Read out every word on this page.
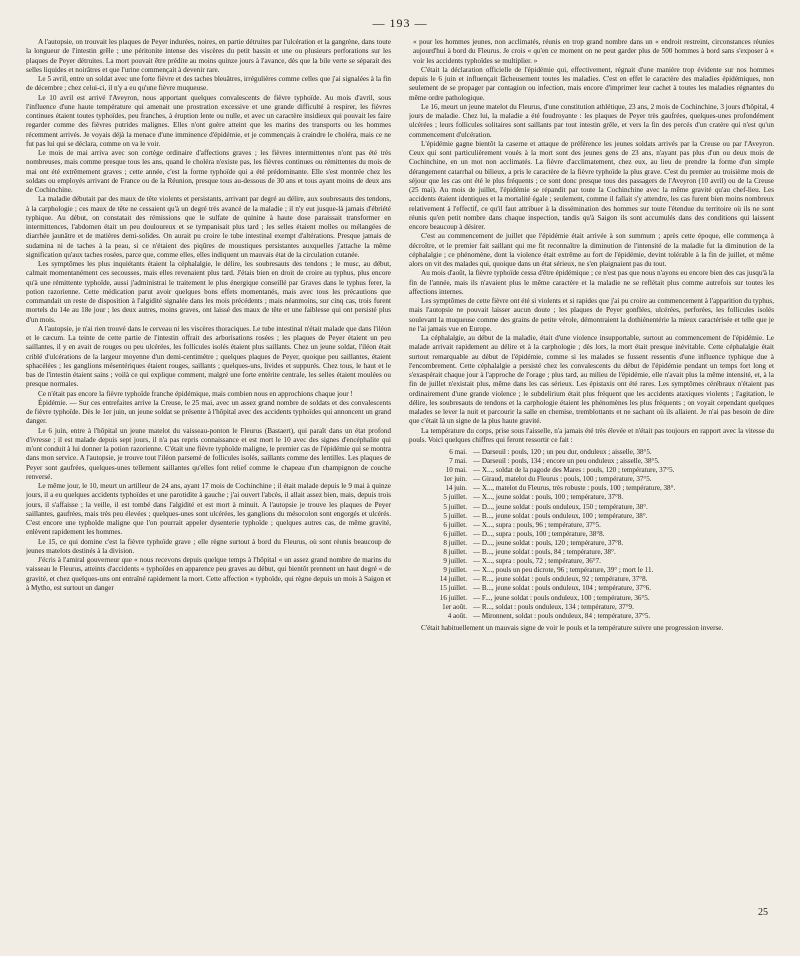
— 193 —

A l'autopsie, on trouvait les plaques de Peyer indurées, noires, en partie détruites par l'ulcération et la gangrène, dans toute la longueur de l'intestin grêle ; une péritonite intense des viscères du petit bassin et une ou plusieurs perforations sur les plaques de Peyer détruites. La mort pouvait être prédite au moins quinze jours à l'avance, dès que la bile verte se séparait des selles liquides et noirâtres et que l'urine commençait à devenir rare.

Le 5 avril, entre un soldat avec une forte fièvre et des taches bleuâtres, irrégulières comme celles que j'ai signalées à la fin de décembre ; chez celui-ci, il n'y a eu qu'une fièvre muqueuse.

Le 10 avril est arrivé l'Aveyron, nous apportant quelques convalescents de fièvre typhoïde. Au mois d'avril, sous l'influence d'une haute température qui amenait une prostration excessive et une grande difficulté à respirer, les fièvres continues étaient toutes typhoïdes, peu franches, à éruption lente ou nulle, et avec un caractère insidieux qui pouvait les faire regarder comme des fièvres putrides malignes. Elles n'ont guère atteint que les marins des transports ou les hommes récemment arrivés. Je voyais déjà la menace d'une imminence d'épidémie, et je commençais à craindre le choléra, mais ce ne fut pas lui qui se déclara, comme on va le voir.

Le mois de mai arriva avec son cortège ordinaire d'affections graves ; les fièvres intermittentes n'ont pas été très nombreuses, mais comme presque tous les ans, quand le choléra n'existe pas, les fièvres continues ou rémittentes du mois de mai ont été extrêmement graves ; cette année, c'est la forme typhoïde qui a été prédominante. Elle s'est montrée chez les soldats ou employés arrivant de France ou de la Réunion, presque tous au-dessous de 30 ans et tous ayant moins de deux ans de Cochinchine.

La maladie débutait par des maux de tête violents et persistants, arrivant par degré au délire, aux soubresauts des tendons, à la carphologie ; ces maux de tête ne cessaient qu'à un degré très avancé de la maladie ; il n'y eut jusque-là jamais d'ébriété typhique. Au début, on constatait des rémissions que le sulfate de quinine à haute dose paraissait transformer en intermittences, l'abdomen était un peu douloureux et se tympanisait plus tard ; les selles étaient molles ou mélangées de diarrhée jaunâtre et de matières demi-solides. On aurait pu croire le tube intestinal exempt d'altérations. Presque jamais de sudamina ni de taches à la peau, si ce n'étaient des piqûres de moustiques persistantes auxquelles j'attache la même signification qu'aux taches rosées, parce que, comme elles, elles indiquent un mauvais état de la circulation cutanée.

Les symptômes les plus inquiétants étaient la céphalalgie, le délire, les soubresauts des tendons ; le musc, au début, calmait momentanément ces secousses, mais elles revenaient plus tard. J'étais bien en droit de croire au typhus, plus encore qu'à une rémittente typhoïde, aussi j'administrai le traitement le plus énergique conseillé par Graves dans le typhus ferer, la potion razorienne. Cette médication parut avoir quelques bons effets momentanés, mais avec tous les précautions que commandait un reste de disposition à l'algidité signalée dans les mois précédents ; mais néanmoins, sur cinq cas, trois furent mortels du 14e au 18e jour ; les deux autres, moins graves, ont laissé des maux de tête et une faiblesse qui ont persisté plus d'un mois.

A l'autopsie, je n'ai rien trouvé dans le cerveau ni les viscères thoraciques. Le tube intestinal n'était malade que dans l'iléon et le cæcum. La teinte de cette partie de l'intestin offrait des arborisations rosées ; les plaques de Peyer étaient un peu saillantes, il y en avait de rouges ou peu ulcérées, les follicules isolés étaient plus saillants. Chez un jeune soldat, l'iléon était criblé d'ulcérations de la largeur moyenne d'un demi-centimètre ; quelques plaques de Peyer, quoique peu saillantes, étaient sphacélées ; les ganglions mésentériques étaient rouges, saillants ; quelques-uns, livides et suppurés. Chez tous, le haut et le bas de l'intestin étaient sains ; voilà ce qui explique comment, malgré une forte entérite centrale, les selles étaient moulées ou presque normales.

Ce n'était pas encore la fièvre typhoïde franche épidémique, mais combien nous en approchions chaque jour !

Épidémie. — Sur ces entrefaites arrive la Creuse, le 25 mai, avec un assez grand nombre de soldats et des convalescents de fièvre typhoïde. Dès le 1er juin, un jeune soldat se présente à l'hôpital avec des accidents typhoïdes qui annoncent un grand danger.

Le 6 juin, entre à l'hôpital un jeune matelot du vaisseau-ponton le Fleurus (Bastaert), qui paraît dans un état profond d'ivresse ; il est malade depuis sept jours, il n'a pas repris connaissance et est mort le 10 avec des signes d'encéphalite qui m'ont conduit à lui donner la potion razorienne. C'était une fièvre typhoïde maligne, le premier cas de l'épidémie qui se montra dans mon service. A l'autopsie, je trouve tout l'iléon parsemé de follicules isolés, saillants comme des lentilles. Les plaques de Peyer sont gaufrées, quelques-unes tellement saillantes qu'elles font relief comme le chapeau d'un champignon de couche renversé.

Le même jour, le 10, meurt un artilleur de 24 ans, ayant 17 mois de Cochinchine ; il était malade depuis le 9 mai à quinze jours, il a eu quelques accidents typhoïdes et une parotidite à gauche ; j'ai ouvert l'abcès, il allait assez bien, mais, depuis trois jours, il s'affaisse ; la veille, il est tombé dans l'algidité et est mort à minuit. A l'autopsie je trouve les plaques de Peyer saillantes, gaufrées, mais très peu élevées ; quelques-unes sont ulcérées, les ganglions du mésocolon sont engorgés et ulcérés. C'est encore une typhoïde maligne que l'on pourrait appeler dysenterie typhoïde ; quelques autres cas, de même gravité, enlèvent rapidement les hommes.

Le 15, ce qui domine c'est la fièvre typhoïde grave ; elle règne surtout à bord du Fleurus, où sont réunis beaucoup de jeunes matelots destinés à la division.

J'écris à l'amiral gouverneur que « nous recevons depuis quelque temps à l'hôpital « un assez grand nombre de marins du vaisseau le Fleurus, atteints d'accidents « typhoïdes en apparence peu graves au début, qui bientôt prennent un haut degré « de gravité, et chez quelques-uns ont entraîné rapidement la mort. Cette affection « typhoïde, qui règne depuis un mois à Saigon et à Mytho, est surtout un danger

« pour les hommes jeunes, non acclimatés, réunis en trop grand nombre dans un « endroit restreint, circonstances réunies aujourd'hui à bord du Fleurus. Je crois « qu'en ce moment on ne peut garder plus de 500 hommes à bord sans s'exposer à « voir les accidents typhoïdes se multiplier. »

C'était la déclaration officielle de l'épidémie qui, effectivement, régnait d'une manière trop évidente sur nos hommes depuis le 6 juin et influençait fâcheusement toutes les maladies. C'est en effet le caractère des maladies épidémiques, non seulement de se propager par contagion ou infection, mais encore d'imprimer leur cachet à toutes les maladies régnantes du même ordre pathologique.

Le 16, meurt un jeune matelot du Fleurus, d'une constitution athlétique, 23 ans, 2 mois de Cochinchine, 3 jours d'hôpital, 4 jours de maladie. Chez lui, la maladie a été foudroyante : les plaques de Peyer très gaufrées, quelques-unes profondément ulcérées ; leurs follicules solitaires sont saillants par tout intestin grêle, et vers la fin des percés d'un cratère qui n'est qu'un commencement d'ulcération.

L'épidémie gagne bientôt la caserne et attaque de préférence les jeunes soldats arrivés par la Creuse ou par l'Aveyron. Ceux qui sont particulièrement voués à la mort sont des jeunes gens de 23 ans, n'ayant pas plus d'un ou deux mois de Cochinchine, en un mot non acclimatés. La fièvre d'acclimatement, chez eux, au lieu de prendre la forme d'un simple dérangement catarrhal ou bilieux, a pris le caractère de la fièvre typhoïde la plus grave. C'est du premier au troisième mois de séjour que les cas ont été le plus fréquents ; ce sont donc presque tous des passagers de l'Aveyron (10 avril) ou de la Creuse (25 mai). Au mois de juillet, l'épidémie se répandit par toute la Cochinchine avec la même gravité qu'au chef-lieu. Les accidents étaient identiques et la mortalité égale ; seulement, comme il fallait s'y attendre, les cas furent bien moins nombreux relativement à l'effectif, ce qu'il faut attribuer à la dissémination des hommes sur toute l'étendue du territoire où ils ne sont réunis qu'en petit nombre dans chaque inspection, tandis qu'à Saigon ils sont accumulés dans des conditions qui laissent encore beaucoup à désirer.

C'est au commencement de juillet que l'épidémie était arrivée à son summum ; après cette époque, elle commença à décroître, et le premier fait saillant qui me fit reconnaître la diminution de l'intensité de la maladie fut la diminution de la céphalalgie ; ce phénomène, dont la violence était extrême au fort de l'épidémie, devint tolérable à la fin de juillet, et même alors on vit des malades qui, quoique dans un état sérieux, ne s'en plaignaient pas du tout.

Au mois d'août, la fièvre typhoïde cessa d'être épidémique ; ce n'est pas que nous n'ayons eu encore bien des cas jusqu'à la fin de l'année, mais ils n'avaient plus le même caractère et la maladie ne se reflétait plus comme autrefois sur toutes les affections internes.

Les symptômes de cette fièvre ont été si violents et si rapides que j'ai pu croire au commencement à l'apparition du typhus, mais l'autopsie ne pouvait laisser aucun doute ; les plaques de Peyer gonflées, ulcérées, perforées, les follicules isolés soulevant la muqueuse comme des grains de petite vérole, démontraient la dothiénentérie la mieux caractérisée et telle que je ne l'ai jamais vue en Europe.

La céphalalgie, au début de la maladie, était d'une violence insupportable, surtout au commencement de l'épidémie. Le malade arrivait rapidement au délire et à la carphologie ; dès lors, la mort était presque inévitable. Cette céphalalgie était surtout remarquable au début de l'épidémie, comme si les malades se fussent ressentis d'une influence typhique due à l'encombrement. Cette céphalalgie a persisté chez les convalescents du début de l'épidémie pendant un temps fort long et s'exaspérait chaque jour à l'approche de l'orage ; plus tard, au milieu de l'épidémie, elle n'avait plus la même intensité, et, à la fin de juillet n'existait plus, même dans les cas sérieux. Les épistaxis ont été rares. Les symptômes cérébraux n'étaient pas ordinairement d'une grande violence ; le subdelirium était plus fréquent que les accidents ataxiques violents ; l'agitation, le délire, les soubresauts de tendons et la carphologie étaient les phénomènes les plus fréquents ; on voyait cependant quelques malades se lever la nuit et parcourir la salle en chemise, tremblottants et ne sachant où ils allaient. Je n'ai pas besoin de dire que c'était là un signe de la plus haute gravité.

La température du corps, prise sous l'aisselle, n'a jamais été très élevée et n'était pas toujours en rapport avec la vitesse du pouls. Voici quelques chiffres qui feront ressortir ce fait :

6 mai. — Darseuil : pouls, 120 ; un peu dur, onduleux ; aisselle, 38°5.
7 mai. — Darseuil : pouls, 134 ; encore un peu onduleux ; aisselle, 38°5.
10 mai. — X..., soldat de la pagode des Mares : pouls, 120 ; température, 37°5.
1er juin. — Giraud, matelot du Fleurus : pouls, 100 ; température, 37°5.
14 juin. — X..., matelot du Fleurus, très robuste : pouls, 100 ; température, 38°.
5 juillet. — X..., jeune soldat : pouls, 100 ; température, 37°8.
5 juillet. — D..., jeune soldat : pouls onduleux, 150 ; température, 38°.
5 juillet. — B..., jeune soldat : pouls onduleux, 100 ; température, 38°.
6 juillet. — X..., supra : pouls, 96 ; température, 37°5.
6 juillet. — D..., supra : pouls, 100 ; température, 38°8.
8 juillet. — D..., jeune soldat : pouls, 120 ; température, 37°8.
8 juillet. — B..., jeune soldat : pouls, 84 ; température, 38°.
9 juillet. — X..., supra : pouls, 72 ; température, 36°7.
9 juillet. — X..., pouls un peu dicrote, 96 ; température, 39° ; mort le 11.
14 juillet. — R..., jeune soldat : pouls onduleux, 92 ; température, 37°8.
15 juillet. — B..., jeune soldat : pouls onduleux, 104 ; température, 37°6.
16 juillet. — F..., jeune soldat : pouls onduleux, 100 ; température, 36°5.
1er août. — R..., soldat : pouls onduleux, 134 ; température, 37°9.
4 août. — Mironnent, soldat : pouls onduleux, 84 ; température, 37°5.

C'était habituellement un mauvais signe de voir le pouls et la température suivre une progression inverse.

25
